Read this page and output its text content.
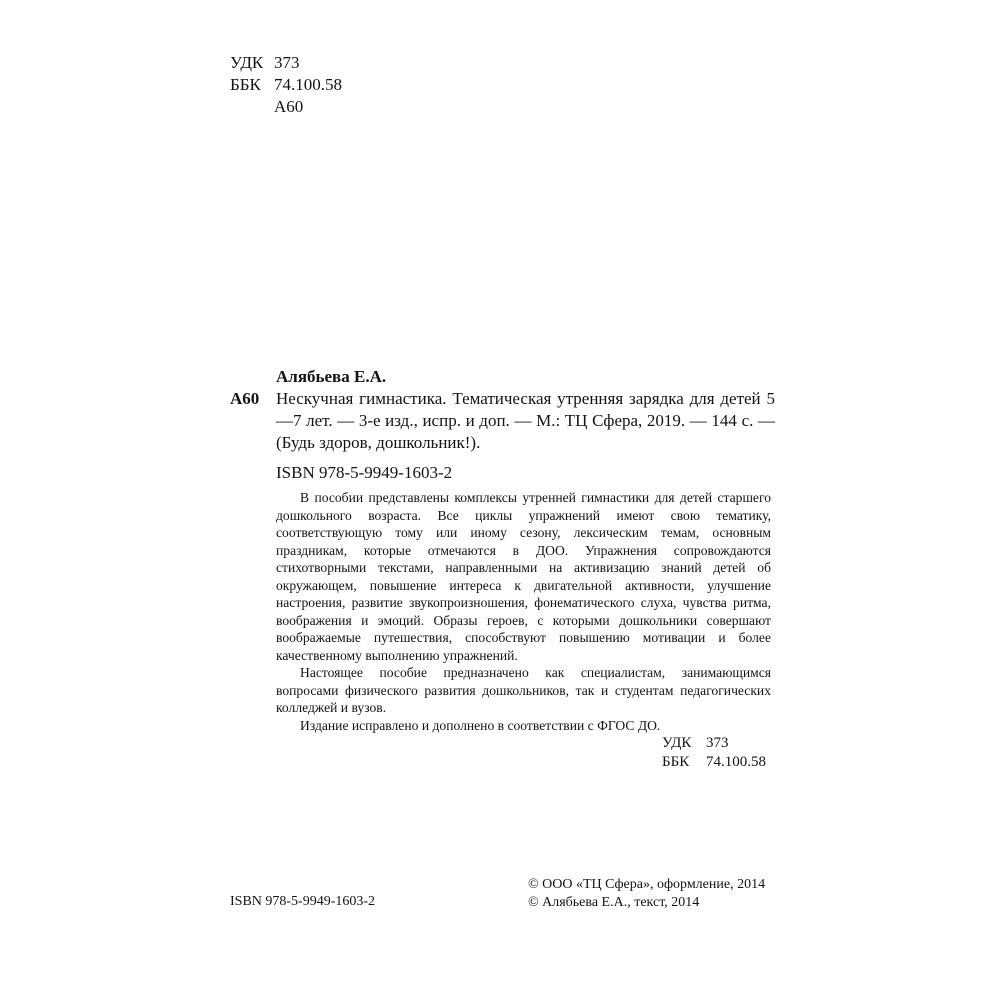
УДК 373
ББК 74.100.58
А60
Алябьева Е.А.
А60 Нескучная гимнастика. Тематическая утренняя зарядка для детей 5—7 лет. — 3-е изд., испр. и доп. — М.: ТЦ Сфера, 2019. — 144 с. — (Будь здоров, дошкольник!).
ISBN 978-5-9949-1603-2

В пособии представлены комплексы утренней гимнастики для детей старшего дошкольного возраста. Все циклы упражнений имеют свою тематику, соответствующую тому или иному сезону, лексическим темам, основным праздникам, которые отмечаются в ДОО. Упражнения сопровождаются стихотворными текстами, направленными на активизацию знаний детей об окружающем, повышение интереса к двигательной активности, улучшение настроения, развитие звукопроизношения, фонематического слуха, чувства ритма, воображения и эмоций. Образы героев, с которыми дошкольники совершают воображаемые путешествия, способствуют повышению мотивации и более качественному выполнению упражнений.

Настоящее пособие предназначено как специалистам, занимающимся вопросами физического развития дошкольников, так и студентам педагогических колледжей и вузов.

Издание исправлено и дополнено в соответствии с ФГОС ДО.

УДК 373
ББК	74.100.58
ISBN 978-5-9949-1603-2
© ООО «ТЦ Сфера», оформление, 2014
© Алябьева Е.А., текст, 2014
